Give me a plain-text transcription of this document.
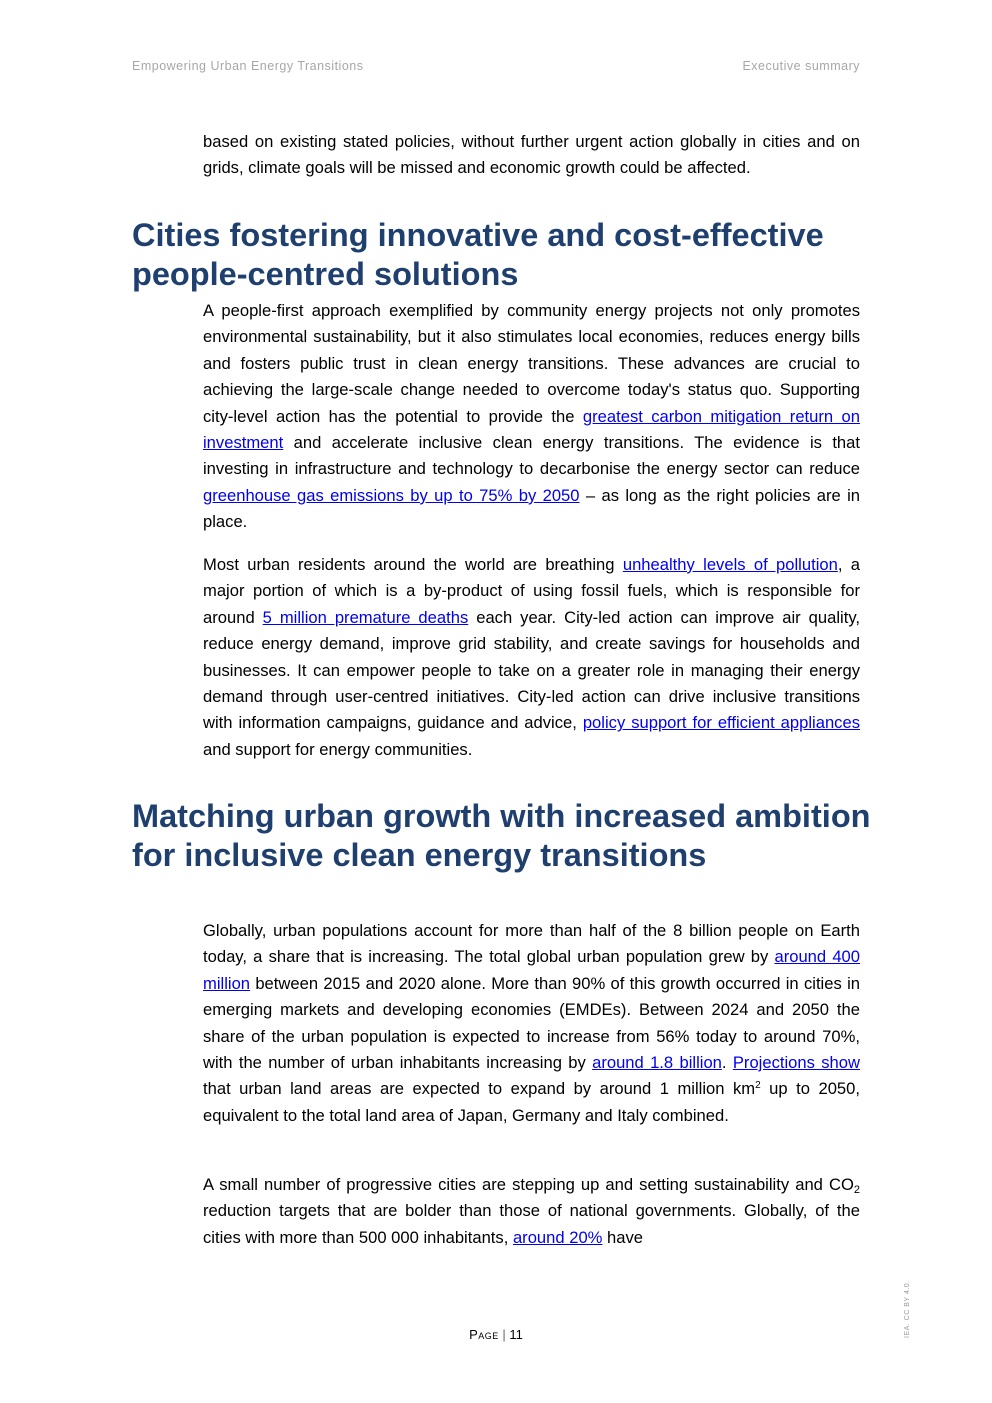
Empowering Urban Energy Transitions	Executive summary

based on existing stated policies, without further urgent action globally in cities and on grids, climate goals will be missed and economic growth could be affected.

Cities fostering innovative and cost-effective people-centred solutions

A people-first approach exemplified by community energy projects not only promotes environmental sustainability, but it also stimulates local economies, reduces energy bills and fosters public trust in clean energy transitions. These advances are crucial to achieving the large-scale change needed to overcome today's status quo. Supporting city-level action has the potential to provide the greatest carbon mitigation return on investment and accelerate inclusive clean energy transitions. The evidence is that investing in infrastructure and technology to decarbonise the energy sector can reduce greenhouse gas emissions by up to 75% by 2050 – as long as the right policies are in place.

Most urban residents around the world are breathing unhealthy levels of pollution, a major portion of which is a by-product of using fossil fuels, which is responsible for around 5 million premature deaths each year. City-led action can improve air quality, reduce energy demand, improve grid stability, and create savings for households and businesses. It can empower people to take on a greater role in managing their energy demand through user-centred initiatives. City-led action can drive inclusive transitions with information campaigns, guidance and advice, policy support for efficient appliances and support for energy communities.

Matching urban growth with increased ambition for inclusive clean energy transitions

Globally, urban populations account for more than half of the 8 billion people on Earth today, a share that is increasing. The total global urban population grew by around 400 million between 2015 and 2020 alone. More than 90% of this growth occurred in cities in emerging markets and developing economies (EMDEs). Between 2024 and 2050 the share of the urban population is expected to increase from 56% today to around 70%, with the number of urban inhabitants increasing by around 1.8 billion. Projections show that urban land areas are expected to expand by around 1 million $km^2$ up to 2050, equivalent to the total land area of Japan, Germany and Italy combined.

A small number of progressive cities are stepping up and setting sustainability and $CO_2$ reduction targets that are bolder than those of national governments. Globally, of the cities with more than 500 000 inhabitants, around 20% have

Page | 11	IEA. CC BY 4.0.
